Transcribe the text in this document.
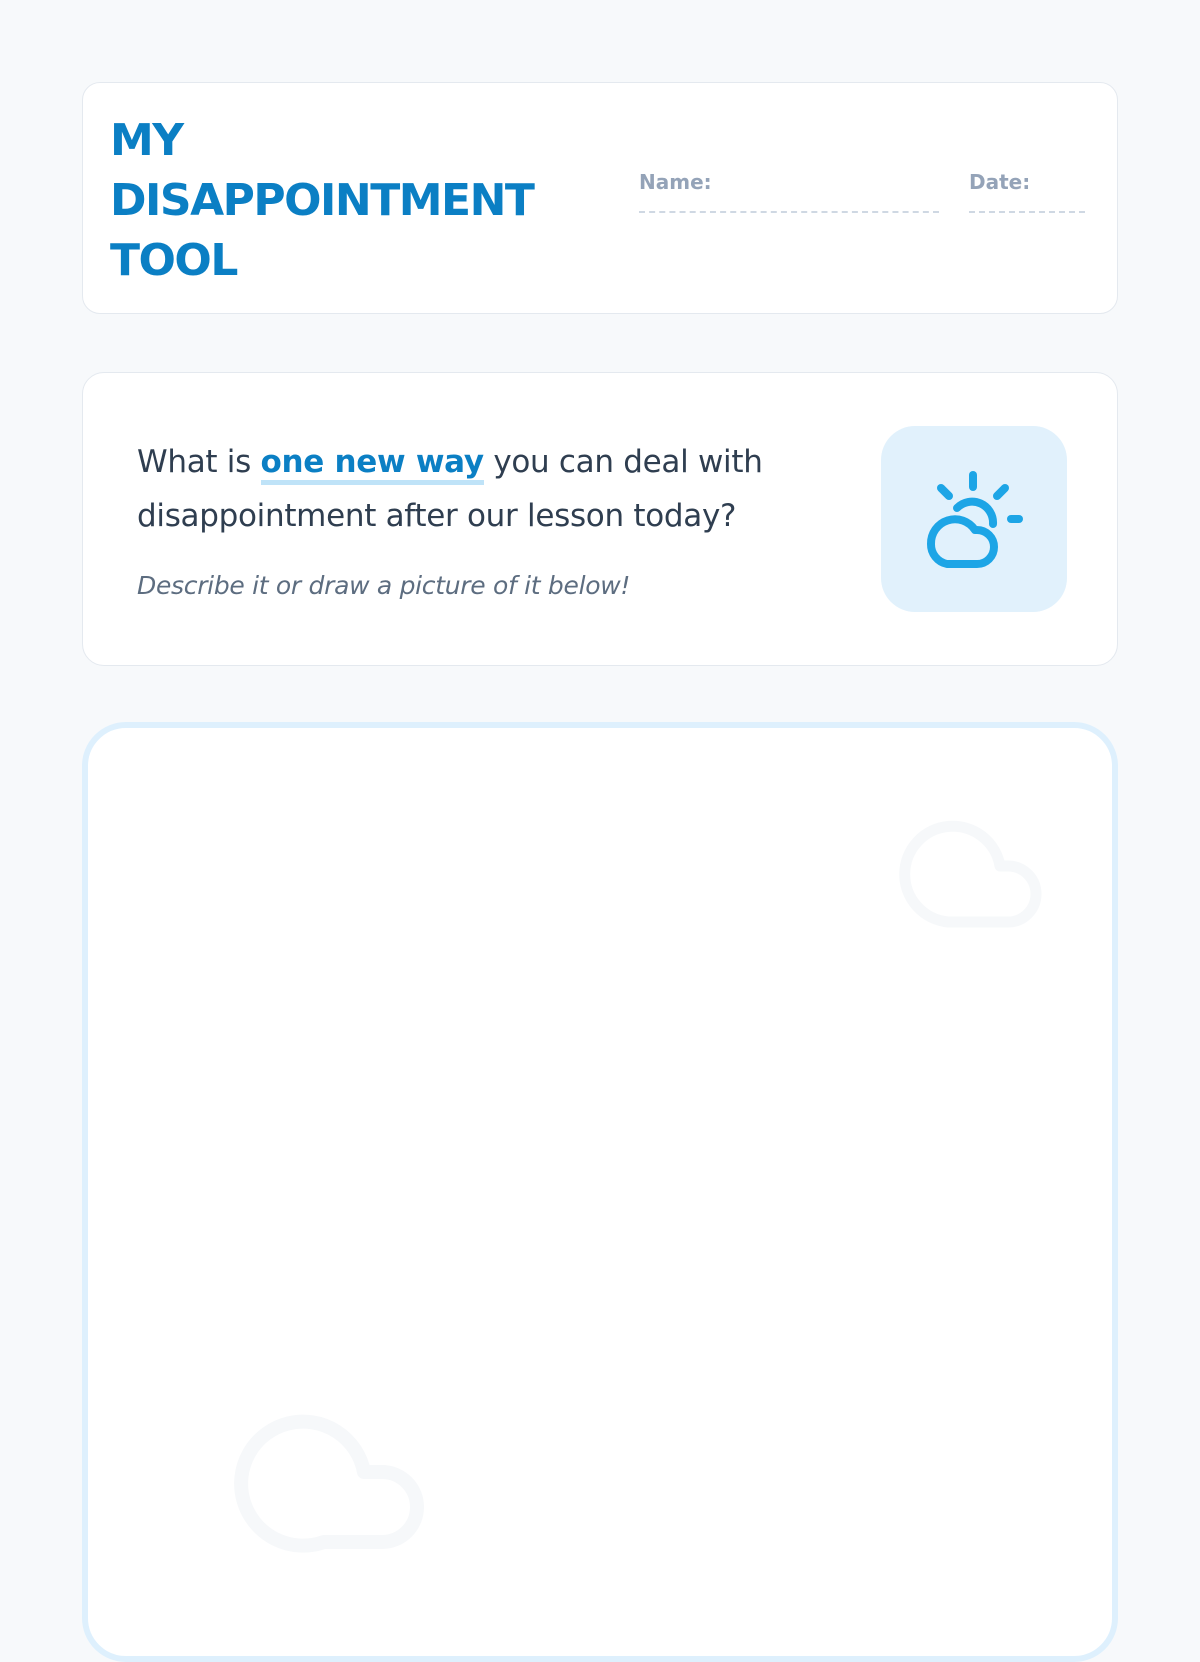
MY DISAPPOINTMENT TOOL
Name:	Date:

What is one new way you can deal with disappointment after our lesson today?

Describe it or draw a picture of it below!
